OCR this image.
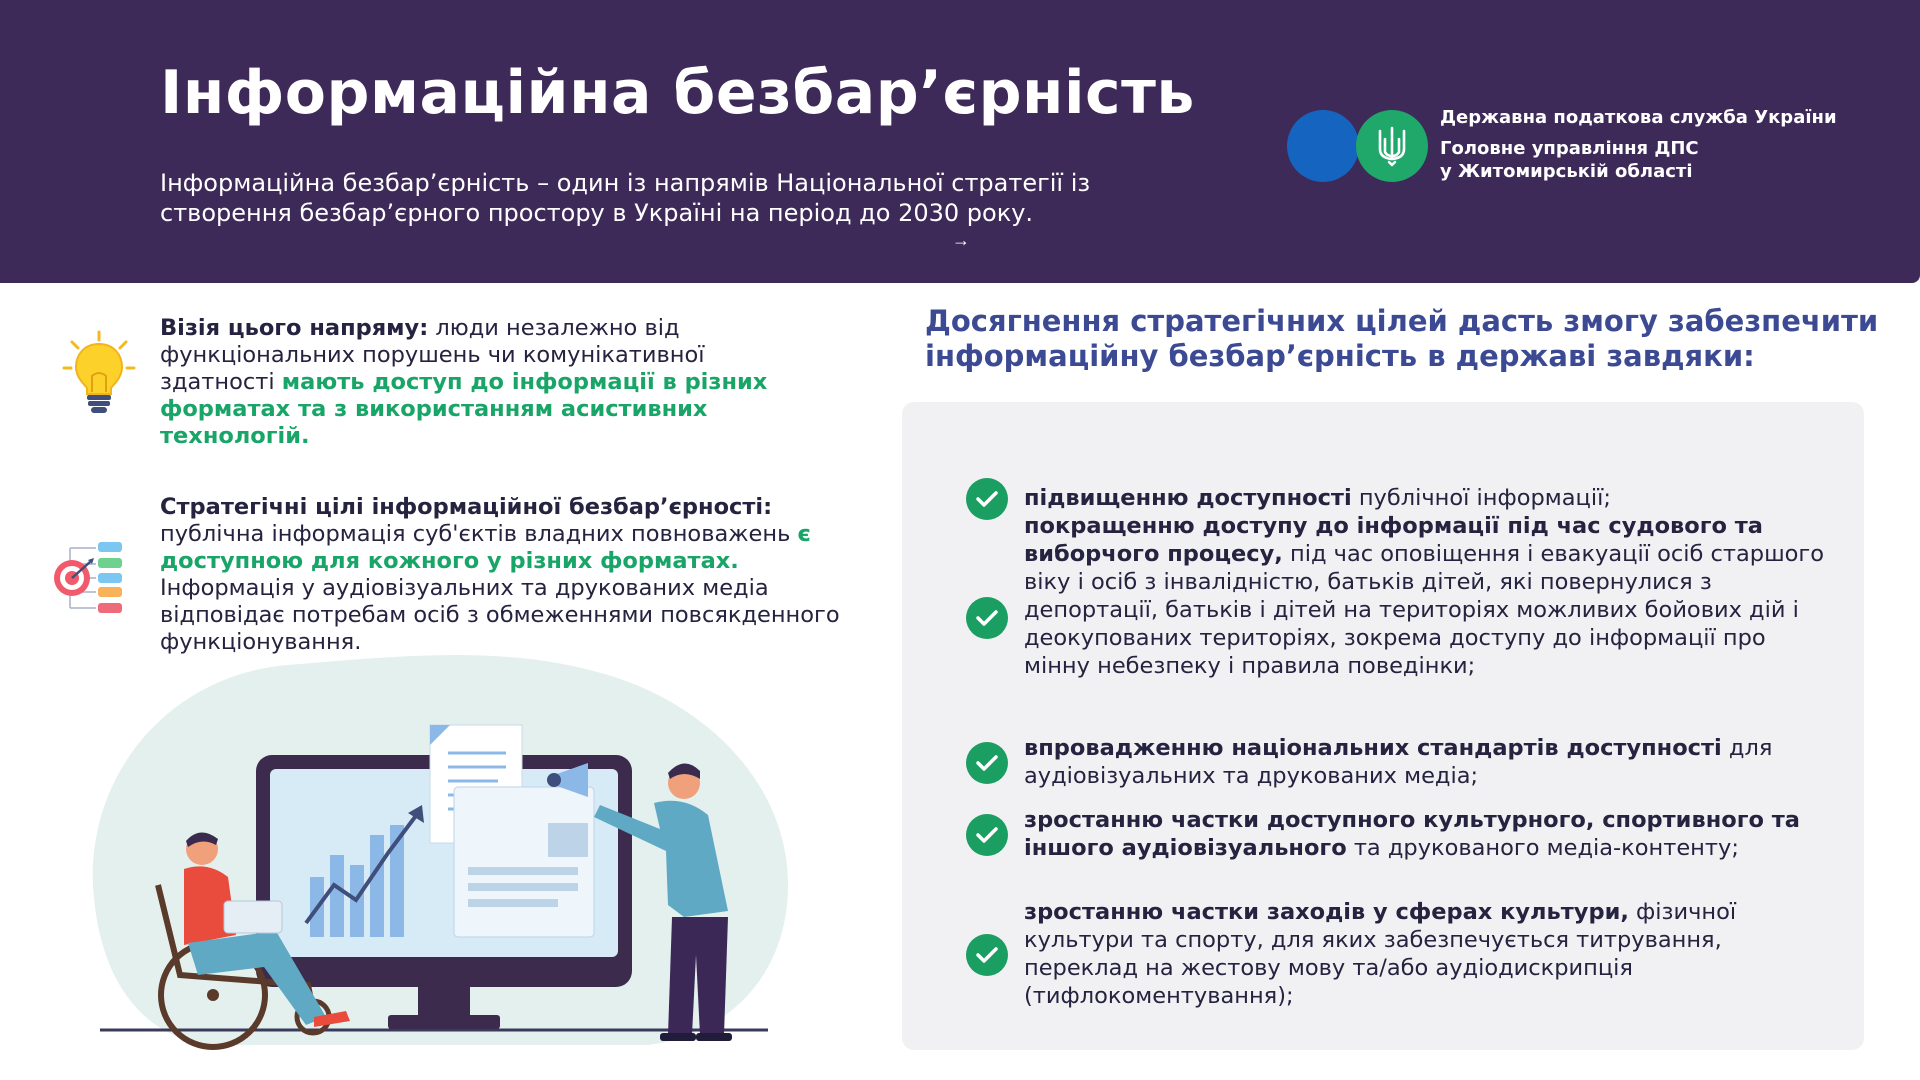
Інформаційна безбар’єрність

Інформаційна безбар’єрність – один із напрямів Національної стратегії із створення безбар’єрного простору в Україні на період до 2030 року.

→
Державна податкова служба України
Головне управління ДПС
у Житомирській області
Візія цього напряму: люди незалежно від функціональних порушень чи комунікативної здатності мають доступ до інформації в різних форматах та з використанням асистивних технологій.
Стратегічні цілі інформаційної безбар’єрності: публічна інформація суб'єктів владних повноважень є доступною для кожного у різних форматах. Інформація у аудіовізуальних та друкованих медіа відповідає потребам осіб з обмеженнями повсякденного функціонування.
Досягнення стратегічних цілей дасть змогу забезпечити інформаційну безбар’єрність в державі завдяки:
підвищенню доступності публічної інформації;
покращенню доступу до інформації під час судового та виборчого процесу, під час оповіщення і евакуації осіб старшого віку і осіб з інвалідністю, батьків дітей, які повернулися з депортації, батьків і дітей на територіях можливих бойових дій і деокупованих територіях, зокрема доступу до інформації про мінну небезпеку і правила поведінки;
впровадженню національних стандартів доступності для аудіовізуальних та друкованих медіа;
зростанню частки доступного культурного, спортивного та іншого аудіовізуального та друкованого медіа-контенту;
зростанню частки заходів у сферах культури, фізичної культури та спорту, для яких забезпечується титрування, переклад на жестову мову та/або аудіодискрипція (тифлокоментування);
